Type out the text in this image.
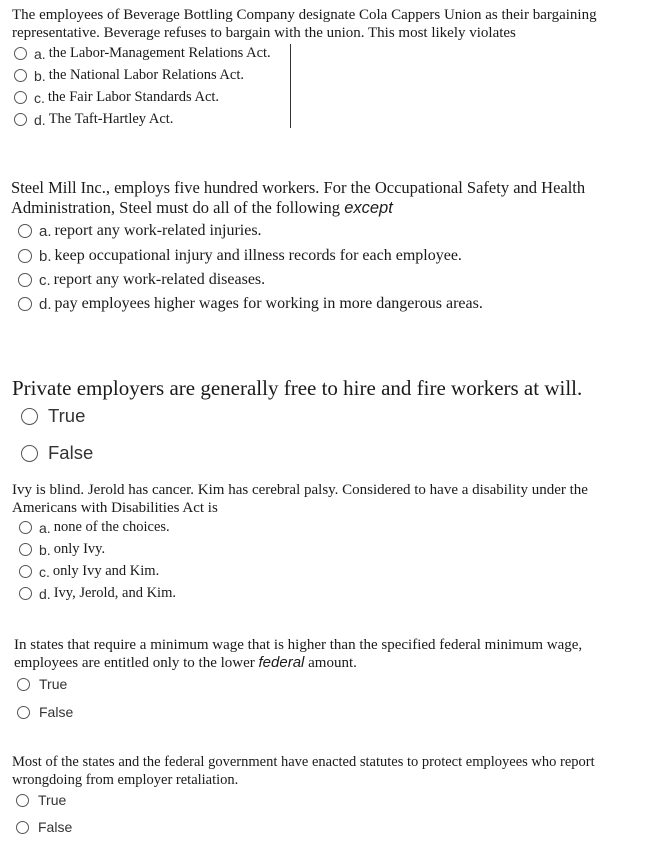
The employees of Beverage Bottling Company designate Cola Cappers Union as their bargaining
representative. Beverage refuses to bargain with the union. This most likely violates
a. the Labor-Management Relations Act.
b. the National Labor Relations Act.
c. the Fair Labor Standards Act.
d. The Taft-Hartley Act.
Steel Mill Inc., employs five hundred workers. For the Occupational Safety and Health
Administration, Steel must do all of the following except
a. report any work-related injuries.
b. keep occupational injury and illness records for each employee.
c. report any work-related diseases.
d. pay employees higher wages for working in more dangerous areas.
Private employers are generally free to hire and fire workers at will.
True
False
Ivy is blind. Jerold has cancer. Kim has cerebral palsy. Considered to have a disability under the
Americans with Disabilities Act is
a. none of the choices.
b. only Ivy.
c. only Ivy and Kim.
d. Ivy, Jerold, and Kim.
In states that require a minimum wage that is higher than the specified federal minimum wage,
employees are entitled only to the lower federal amount.
True
False
Most of the states and the federal government have enacted statutes to protect employees who report
wrongdoing from employer retaliation.
True
False
